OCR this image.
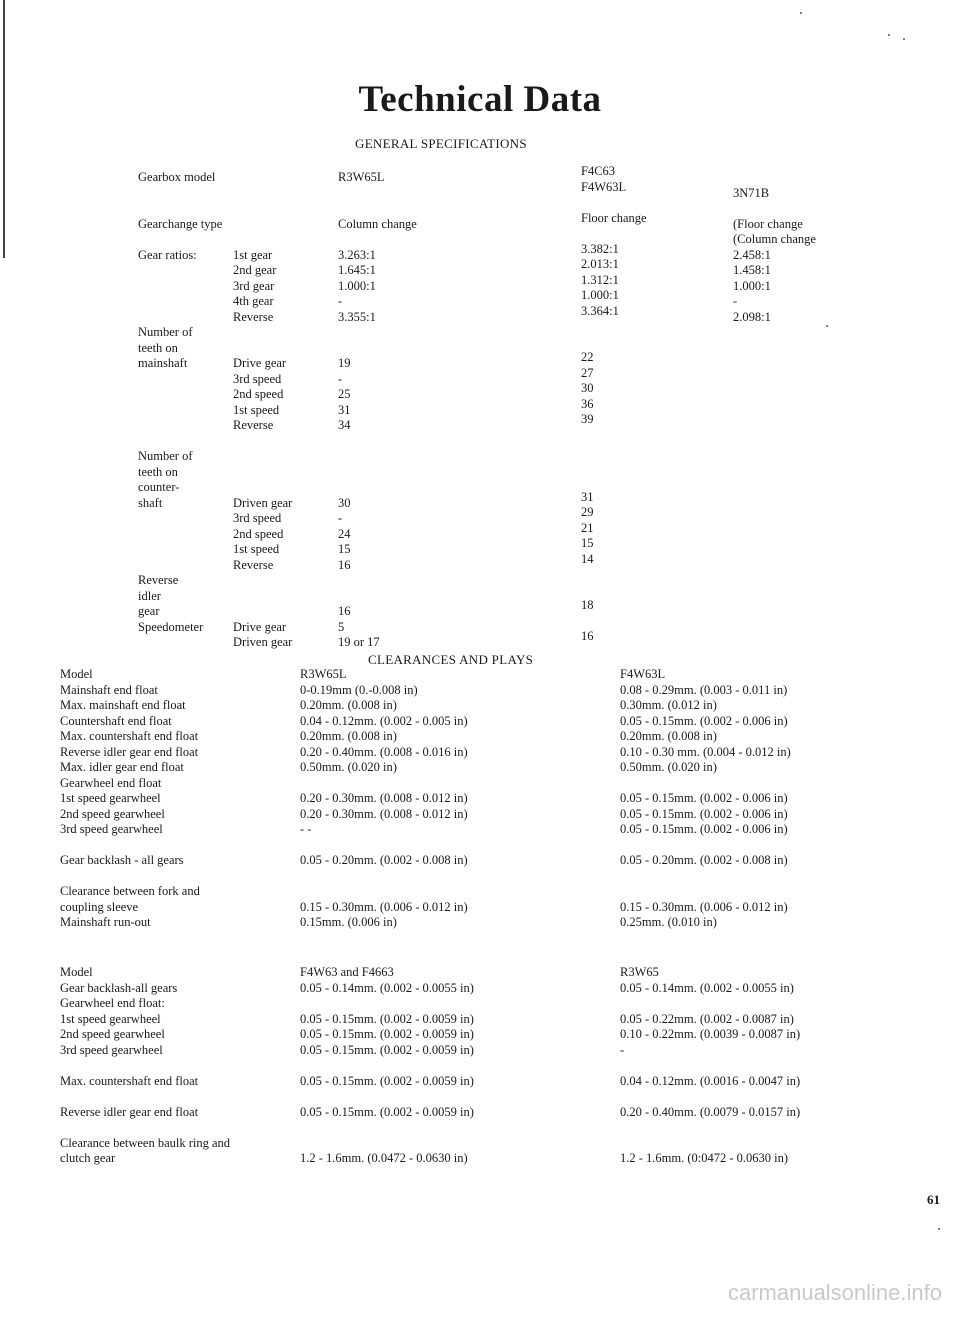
Technical Data
GENERAL SPECIFICATIONS
Gearbox model
Gearchange type
Gear ratios:
Number of
teeth on
mainshaft
Number of
teeth on
counter-
shaft
Reverse
idler
gear
Speedometer
1st gear
2nd gear
3rd gear
4th gear
Reverse
Drive gear
3rd speed
2nd speed
1st speed
Reverse
Driven gear
3rd speed
2nd speed
1st speed
Reverse
Drive gear
Driven gear
R3W65L
Column change
3.263:1
1.645:1
1.000:1
-
3.355:1
19
-
25
31
34
30
-
24
15
16
16
5
19 or 17
F4C63
F4W63L
Floor change
3.382:1
2.013:1
1.312:1
1.000:1
3.364:1
22
27
30
36
39
31
29
21
15
14
18
16
3N71B
(Floor change
(Column change
2.458:1
1.458:1
1.000:1
-
2.098:1
CLEARANCES AND PLAYS
Model
Mainshaft end float
Max. mainshaft end float
Countershaft end float
Max. countershaft end float
Reverse idler gear end float
Max. idler gear end float
Gearwheel end float
1st speed gearwheel
2nd speed gearwheel
3rd speed gearwheel
Gear backlash - all gears
Clearance between fork and
coupling sleeve
Mainshaft run-out
R3W65L
0-0.19mm (0.-0.008 in)
0.20mm. (0.008 in)
0.04 - 0.12mm. (0.002 - 0.005 in)
0.20mm. (0.008 in)
0.20 - 0.40mm. (0.008 - 0.016 in)
0.50mm. (0.020 in)
0.20 - 0.30mm. (0.008 - 0.012 in)
0.20 - 0.30mm. (0.008 - 0.012 in)
- -
0.05 - 0.20mm. (0.002 - 0.008 in)
0.15 - 0.30mm. (0.006 - 0.012 in)
0.15mm. (0.006 in)
F4W63L
0.08 - 0.29mm. (0.003 - 0.011 in)
0.30mm. (0.012 in)
0.05 - 0.15mm. (0.002 - 0.006 in)
0.20mm. (0.008 in)
0.10 - 0.30 mm. (0.004 - 0.012 in)
0.50mm. (0.020 in)
0.05 - 0.15mm. (0.002 - 0.006 in)
0.05 - 0.15mm. (0.002 - 0.006 in)
0.05 - 0.15mm. (0.002 - 0.006 in)
0.05 - 0.20mm. (0.002 - 0.008 in)
0.15 - 0.30mm. (0.006 - 0.012 in)
0.25mm. (0.010 in)
Model
Gear backlash-all gears
Gearwheel end float:
1st speed gearwheel
2nd speed gearwheel
3rd speed gearwheel
Max. countershaft end float
Reverse idler gear end float
Clearance between baulk ring and
clutch gear
F4W63 and F4663
0.05 - 0.14mm. (0.002 - 0.0055 in)
0.05 - 0.15mm. (0.002 - 0.0059 in)
0.05 - 0.15mm. (0.002 - 0.0059 in)
0.05 - 0.15mm. (0.002 - 0.0059 in)
0.05 - 0.15mm. (0.002 - 0.0059 in)
0.05 - 0.15mm. (0.002 - 0.0059 in)
1.2 - 1.6mm. (0.0472 - 0.0630 in)
R3W65
0.05 - 0.14mm. (0.002 - 0.0055 in)
0.05 - 0.22mm. (0.002 - 0.0087 in)
0.10 - 0.22mm. (0.0039 - 0.0087 in)
-
0.04 - 0.12mm. (0.0016 - 0.0047 in)
0.20 - 0.40mm. (0.0079 - 0.0157 in)
1.2 - 1.6mm. (0:0472 - 0.0630 in)
61
carmanualsonline.info
